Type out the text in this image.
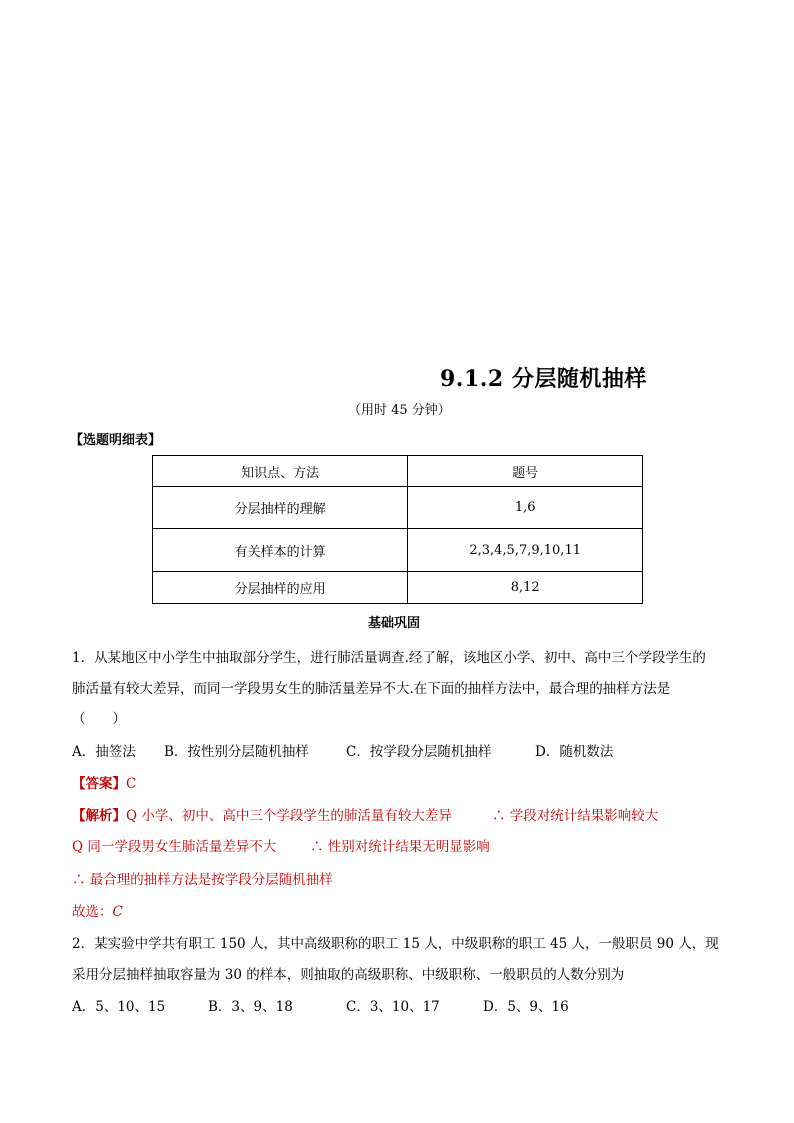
9.1.2 分层随机抽样
（用时 45 分钟）
【选题明细表】
知识点、方法	题号
分层抽样的理解	1,6
有关样本的计算	2,3,4,5,7,9,10,11
分层抽样的应用	8,12
基础巩固
1．从某地区中小学生中抽取部分学生，进行肺活量调查.经了解，该地区小学、初中、高中三个学段学生的
肺活量有较大差异，而同一学段男女生的肺活量差异不大.在下面的抽样方法中，最合理的抽样方法是
（　　）
A．抽签法 B．按性别分层随机抽样	C．按学段分层随机抽样	D．随机数法
【答案】C
【解析】Q 小学、初中、高中三个学段学生的肺活量有较大差异	∴ 学段对统计结果影响较大
Q 同一学段男女生肺活量差异不大 ∴ 性别对统计结果无明显影响
∴ 最合理的抽样方法是按学段分层随机抽样
故选：C
2．某实验中学共有职工 150 人，其中高级职称的职工 15 人，中级职称的职工 45 人，一般职员 90 人，现
采用分层抽样抽取容量为 30 的样本，则抽取的高级职称、中级职称、一般职员的人数分别为
A．5、10、15	B．3、9、18	C．3、10、17	D．5、9、16
